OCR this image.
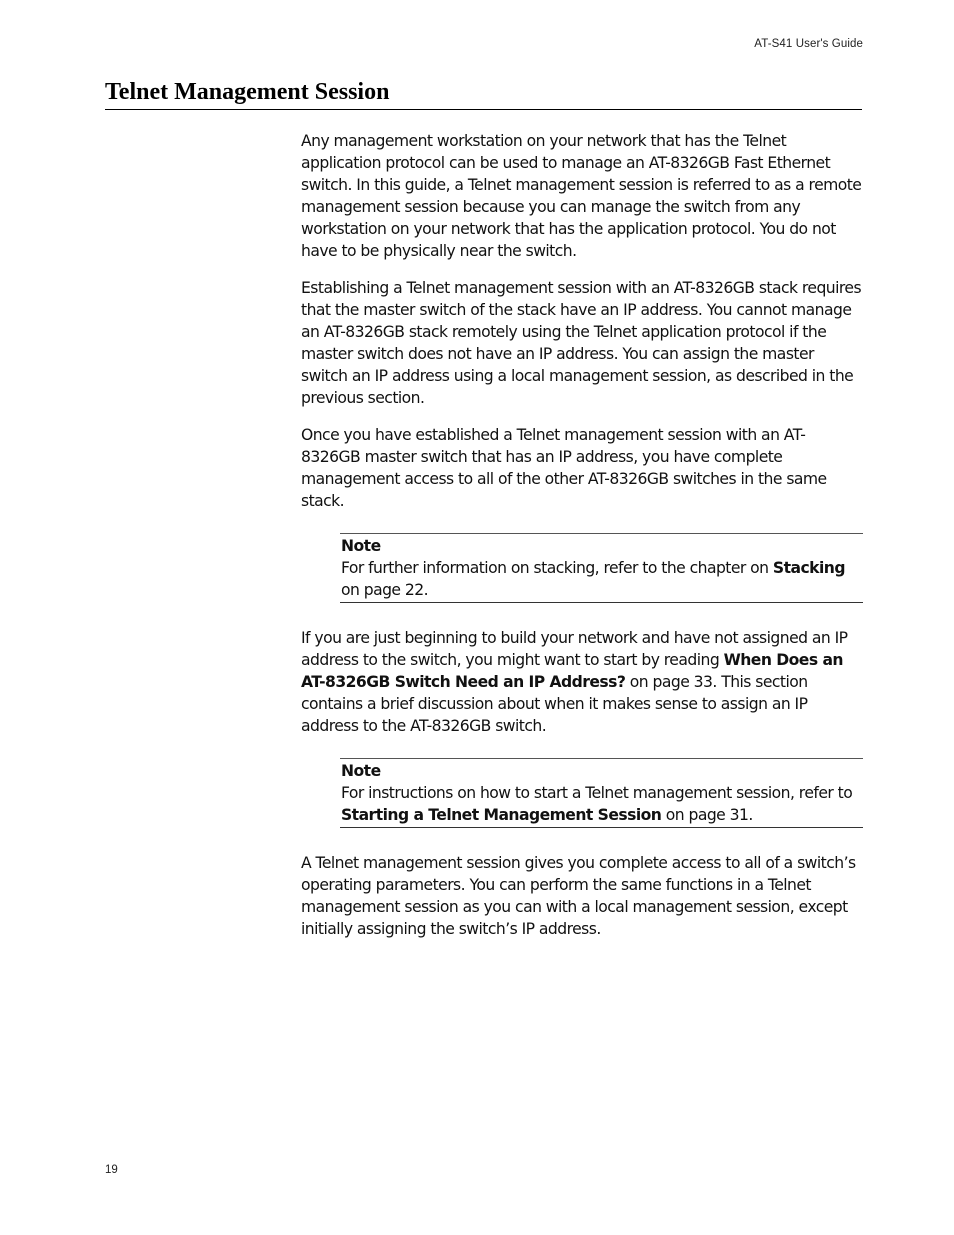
AT-S41 User's Guide
Telnet Management Session

Any management workstation on your network that has the Telnet application protocol can be used to manage an AT-8326GB Fast Ethernet switch. In this guide, a Telnet management session is referred to as a remote management session because you can manage the switch from any workstation on your network that has the application protocol. You do not have to be physically near the switch.

Establishing a Telnet management session with an AT-8326GB stack requires that the master switch of the stack have an IP address. You cannot manage an AT-8326GB stack remotely using the Telnet application protocol if the master switch does not have an IP address. You can assign the master switch an IP address using a local management session, as described in the previous section.

Once you have established a Telnet management session with an AT-8326GB master switch that has an IP address, you have complete management access to all of the other AT-8326GB switches in the same stack.

Note
For further information on stacking, refer to the chapter on Stacking on page 22.

If you are just beginning to build your network and have not assigned an IP address to the switch, you might want to start by reading When Does an AT-8326GB Switch Need an IP Address? on page 33. This section contains a brief discussion about when it makes sense to assign an IP address to the AT-8326GB switch.

Note
For instructions on how to start a Telnet management session, refer to Starting a Telnet Management Session on page 31.

A Telnet management session gives you complete access to all of a switch’s operating parameters. You can perform the same functions in a Telnet management session as you can with a local management session, except initially assigning the switch’s IP address.

19
